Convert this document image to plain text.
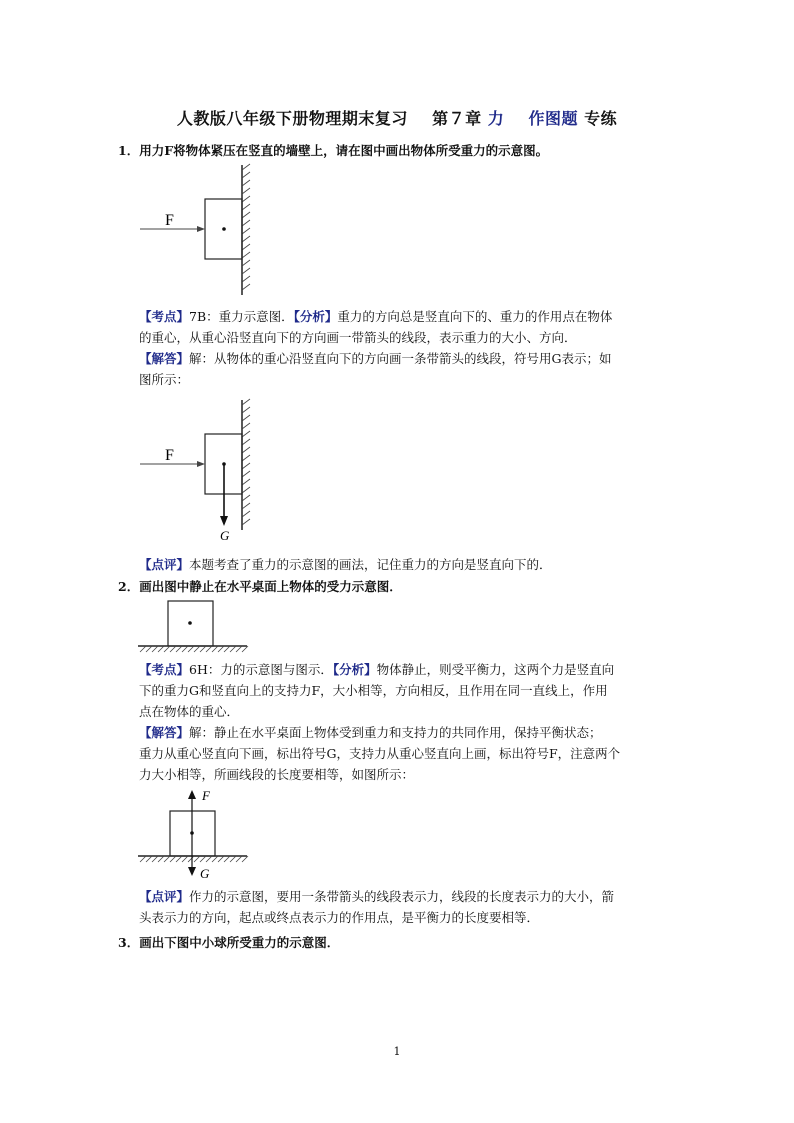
人教版八年级下册物理期末复习 第７章 力 作图题 专练
1．用力F将物体紧压在竖直的墙壁上，请在图中画出物体所受重力的示意图。
F
【考点】7B：重力示意图．【分析】重力的方向总是竖直向下的、重力的作用点在物体
的重心，从重心沿竖直向下的方向画一带箭头的线段，表示重力的大小、方向．
【解答】解：从物体的重心沿竖直向下的方向画一条带箭头的线段，符号用G表示；如
图所示：
F
G
【点评】本题考查了重力的示意图的画法，记住重力的方向是竖直向下的．
2．画出图中静止在水平桌面上物体的受力示意图．
【考点】6H：力的示意图与图示．【分析】物体静止，则受平衡力，这两个力是竖直向
下的重力G和竖直向上的支持力F，大小相等，方向相反，且作用在同一直线上，作用
点在物体的重心．
【解答】解：静止在水平桌面上物体受到重力和支持力的共同作用，保持平衡状态；
重力从重心竖直向下画，标出符号G，支持力从重心竖直向上画，标出符号F，注意两个
力大小相等，所画线段的长度要相等，如图所示：
F
G
【点评】作力的示意图，要用一条带箭头的线段表示力，线段的长度表示力的大小，箭
头表示力的方向，起点或终点表示力的作用点，是平衡力的长度要相等．
3．画出下图中小球所受重力的示意图．
1
